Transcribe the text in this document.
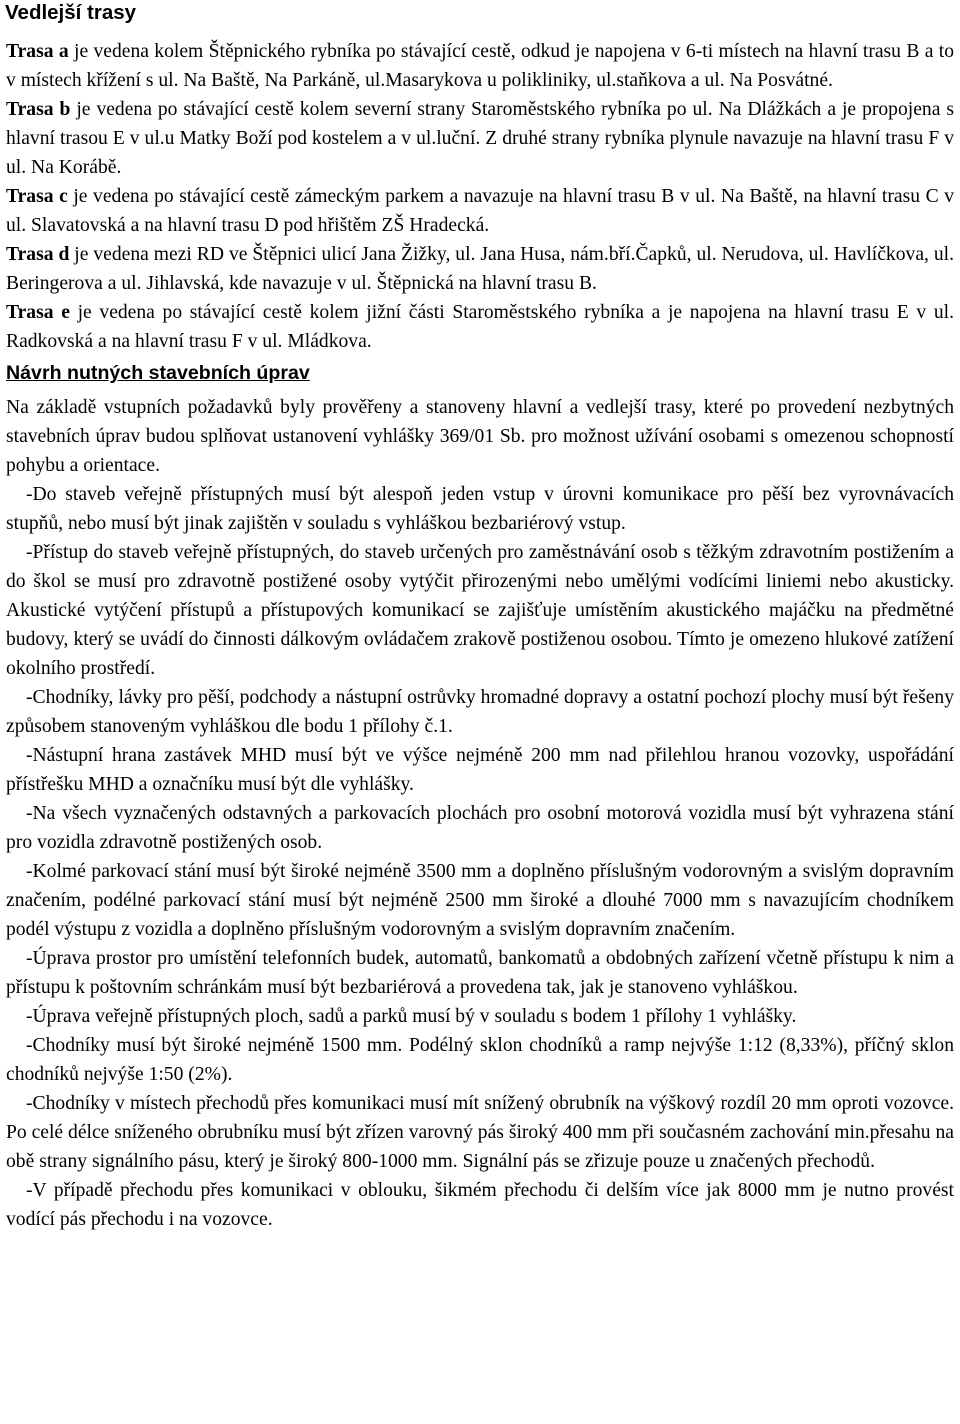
Vedlejší trasy

Trasa a je vedena kolem Štěpnického rybníka po stávající cestě, odkud je napojena v 6-ti místech na hlavní trasu B a to v místech křížení s ul. Na Baště, Na Parkáně, ul.Masarykova u polikliniky, ul.staňkova a ul. Na Posvátné.

Trasa b je vedena po stávající cestě kolem severní strany Staroměstského rybníka po ul. Na Dlážkách a je propojena s hlavní trasou E v ul.u Matky Boží pod kostelem a v ul.luční. Z druhé strany rybníka plynule navazuje na hlavní trasu F v ul. Na Korábě.

Trasa c je vedena po stávající cestě zámeckým parkem a navazuje na hlavní trasu B v ul. Na Baště, na hlavní trasu C v ul. Slavatovská a na hlavní trasu D pod hřištěm ZŠ Hradecká.

Trasa d je vedena mezi RD ve Štěpnici ulicí Jana Žižky, ul. Jana Husa, nám.bří.Čapků, ul. Nerudova, ul. Havlíčkova, ul. Beringerova a ul. Jihlavská, kde navazuje v ul. Štěpnická na hlavní trasu B.

Trasa e je vedena po stávající cestě kolem jižní části Staroměstského rybníka a je napojena na hlavní trasu E v ul. Radkovská a na hlavní trasu F v ul. Mládkova.

Návrh nutných stavebních úprav

Na základě vstupních požadavků byly prověřeny a stanoveny hlavní a vedlejší trasy, které po provedení nezbytných stavebních úprav budou splňovat ustanovení vyhlášky 369/01 Sb. pro možnost užívání osobami s omezenou schopností pohybu a orientace.

-Do staveb veřejně přístupných musí být alespoň jeden vstup v úrovni komunikace pro pěší bez vyrovnávacích stupňů, nebo musí být jinak zajištěn v souladu s vyhláškou bezbariérový vstup.

-Přístup do staveb veřejně přístupných, do staveb určených pro zaměstnávání osob s těžkým zdravotním postižením a do škol se musí pro zdravotně postižené osoby vytýčit přirozenými nebo umělými vodícími liniemi nebo akusticky. Akustické vytýčení přístupů a přístupových komunikací se zajišťuje umístěním akustického majáčku na předmětné budovy, který se uvádí do činnosti dálkovým ovládačem zrakově postiženou osobou. Tímto je omezeno hlukové zatížení okolního prostředí.

-Chodníky, lávky pro pěší, podchody a nástupní ostrůvky hromadné dopravy a ostatní pochozí plochy musí být řešeny způsobem stanoveným vyhláškou dle bodu 1 přílohy č.1.

-Nástupní hrana zastávek MHD musí být ve výšce nejméně 200 mm nad přilehlou hranou vozovky, uspořádání přístřešku MHD a označníku musí být dle vyhlášky.

-Na všech vyznačených odstavných a parkovacích plochách pro osobní motorová vozidla musí být vyhrazena stání pro vozidla zdravotně postižených osob.

-Kolmé parkovací stání musí být široké nejméně 3500 mm a doplněno příslušným vodorovným a svislým dopravním značením, podélné parkovací stání musí být nejméně 2500 mm široké a dlouhé 7000 mm s navazujícím chodníkem podél výstupu z vozidla a doplněno příslušným vodorovným a svislým dopravním značením.

-Úprava prostor pro umístění telefonních budek, automatů, bankomatů a obdobných zařízení včetně přístupu k nim a přístupu k poštovním schránkám musí být bezbariérová a provedena tak, jak je stanoveno vyhláškou.

-Úprava veřejně přístupných ploch, sadů a parků musí bý v souladu s bodem 1 přílohy 1 vyhlášky.

-Chodníky musí být široké nejméně 1500 mm. Podélný sklon chodníků a ramp nejvýše 1:12 (8,33%), příčný sklon chodníků nejvýše 1:50 (2%).

-Chodníky v místech přechodů přes komunikaci musí mít snížený obrubník na výškový rozdíl 20 mm oproti vozovce. Po celé délce sníženého obrubníku musí být zřízen varovný pás široký 400 mm při současném zachování min.přesahu na obě strany signálního pásu, který je široký 800-1000 mm. Signální pás se zřizuje pouze u značených přechodů.

-V případě přechodu přes komunikaci v oblouku, šikmém přechodu či delším více jak 8000 mm je nutno provést vodící pás přechodu i na vozovce.
